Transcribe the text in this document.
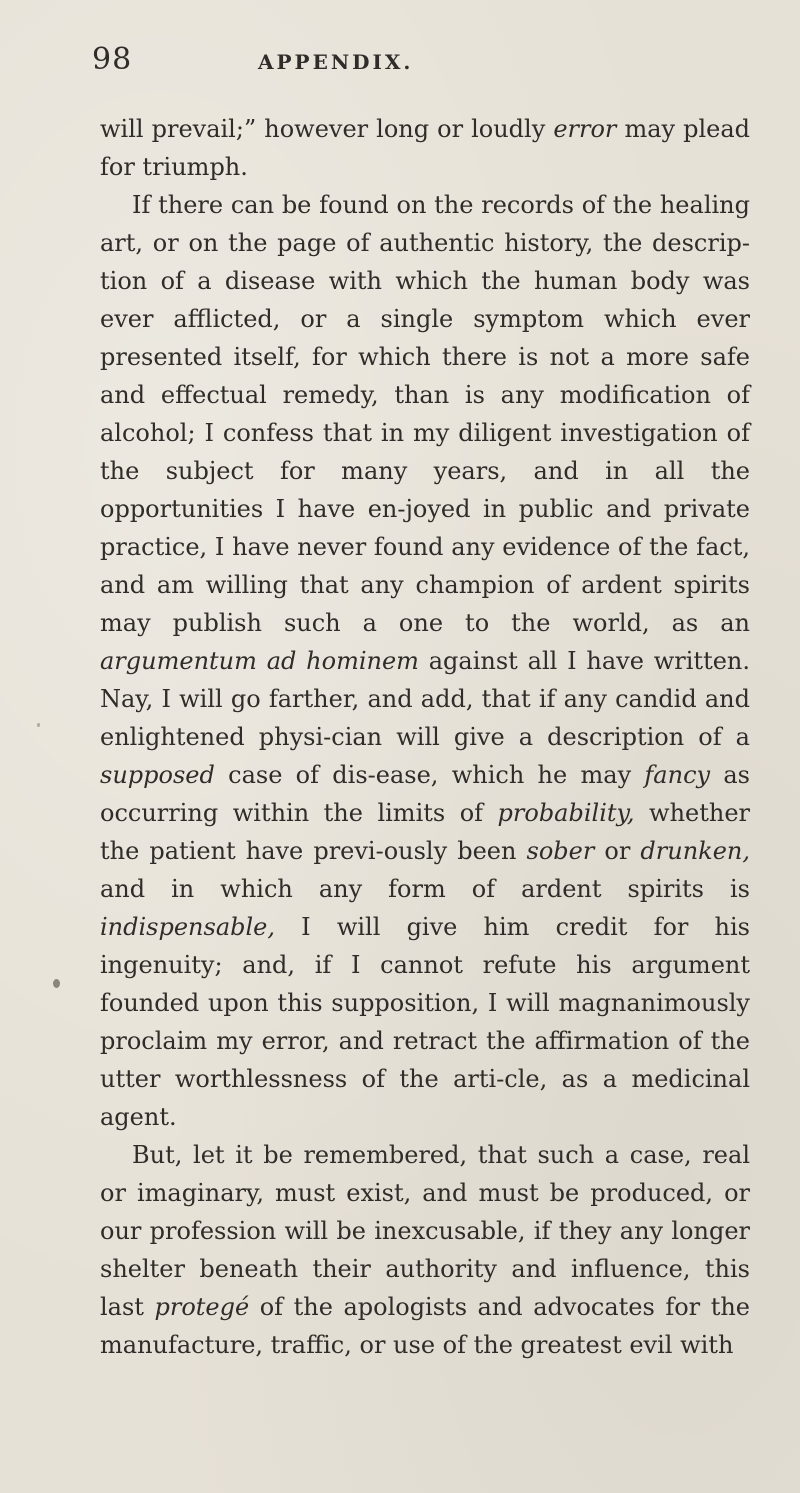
98	APPENDIX.

will prevail;” however long or loudly error may plead for triumph.

If there can be found on the records of the healing art, or on the page of authentic history, the descrip-tion of a disease with which the human body was ever afflicted, or a single symptom which ever presented itself, for which there is not a more safe and effectual remedy, than is any modification of alcohol; I confess that in my diligent investigation of the subject for many years, and in all the opportunities I have en-joyed in public and private practice, I have never found any evidence of the fact, and am willing that any champion of ardent spirits may publish such a one to the world, as an argumentum ad hominem against all I have written. Nay, I will go farther, and add, that if any candid and enlightened physi-cian will give a description of a supposed case of dis-ease, which he may fancy as occurring within the limits of probability, whether the patient have previ-ously been sober or drunken, and in which any form of ardent spirits is indispensable, I will give him credit for his ingenuity; and, if I cannot refute his argument founded upon this supposition, I will magnanimously proclaim my error, and retract the affirmation of the utter worthlessness of the arti-cle, as a medicinal agent.

But, let it be remembered, that such a case, real or imaginary, must exist, and must be produced, or our profession will be inexcusable, if they any longer shelter beneath their authority and influence, this last protegé of the apologists and advocates for the manufacture, traffic, or use of the greatest evil with
